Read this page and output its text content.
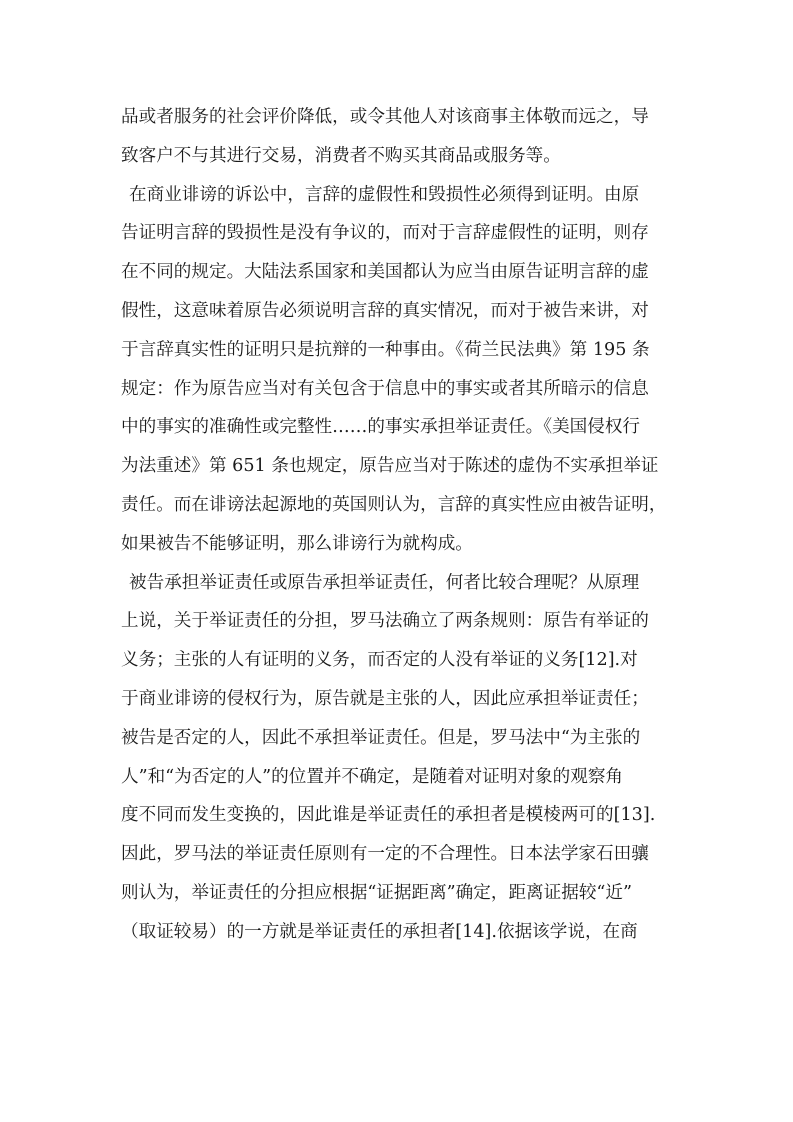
品或者服务的社会评价降低，或令其他人对该商事主体敬而远之，导
致客户不与其进行交易，消费者不购买其商品或服务等。
在商业诽谤的诉讼中，言辞的虚假性和毁损性必须得到证明。由原
告证明言辞的毁损性是没有争议的，而对于言辞虚假性的证明，则存
在不同的规定。大陆法系国家和美国都认为应当由原告证明言辞的虚
假性，这意味着原告必须说明言辞的真实情况，而对于被告来讲，对
于言辞真实性的证明只是抗辩的一种事由。《荷兰民法典》第 195 条
规定：作为原告应当对有关包含于信息中的事实或者其所暗示的信息
中的事实的准确性或完整性……的事实承担举证责任。《美国侵权行
为法重述》第 651 条也规定，原告应当对于陈述的虚伪不实承担举证
责任。而在诽谤法起源地的英国则认为，言辞的真实性应由被告证明，
如果被告不能够证明，那么诽谤行为就构成。
被告承担举证责任或原告承担举证责任，何者比较合理呢？从原理
上说，关于举证责任的分担，罗马法确立了两条规则：原告有举证的
义务；主张的人有证明的义务，而否定的人没有举证的义务[12].对
于商业诽谤的侵权行为，原告就是主张的人，因此应承担举证责任；
被告是否定的人，因此不承担举证责任。但是，罗马法中“为主张的
人”和“为否定的人”的位置并不确定，是随着对证明对象的观察角
度不同而发生变换的，因此谁是举证责任的承担者是模棱两可的[13].
因此，罗马法的举证责任原则有一定的不合理性。日本法学家石田骧
则认为，举证责任的分担应根据“证据距离”确定，距离证据较“近”
（取证较易）的一方就是举证责任的承担者[14].依据该学说，在商
